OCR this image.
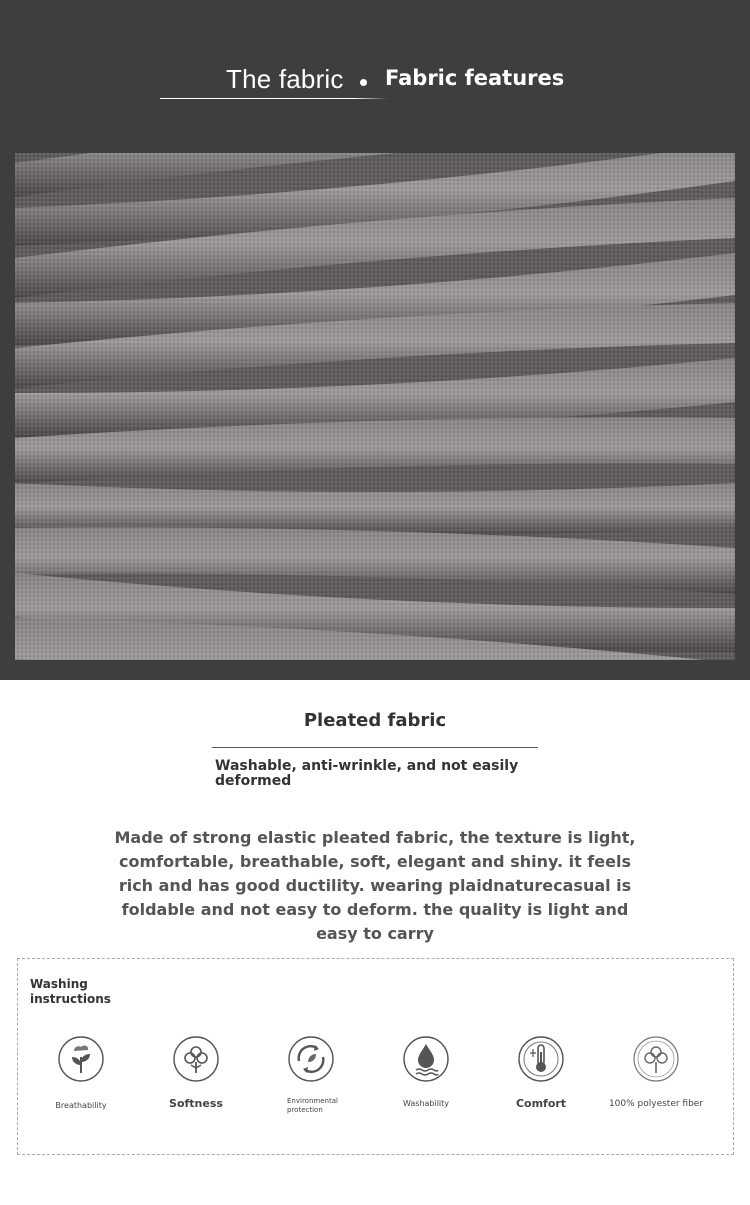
The fabric Fabric features
Pleated fabric
Washable, anti-wrinkle, and not easily deformed
Made of strong elastic pleated fabric, the texture is light, comfortable, breathable, soft, elegant and shiny. it feels rich and has good ductility. wearing plaidnaturecasual is foldable and not easy to deform. the quality is light and easy to carry
Washing instructions
Breathability	Softness	Environmental protection
Washability	Comfort	100% polyester fiber
